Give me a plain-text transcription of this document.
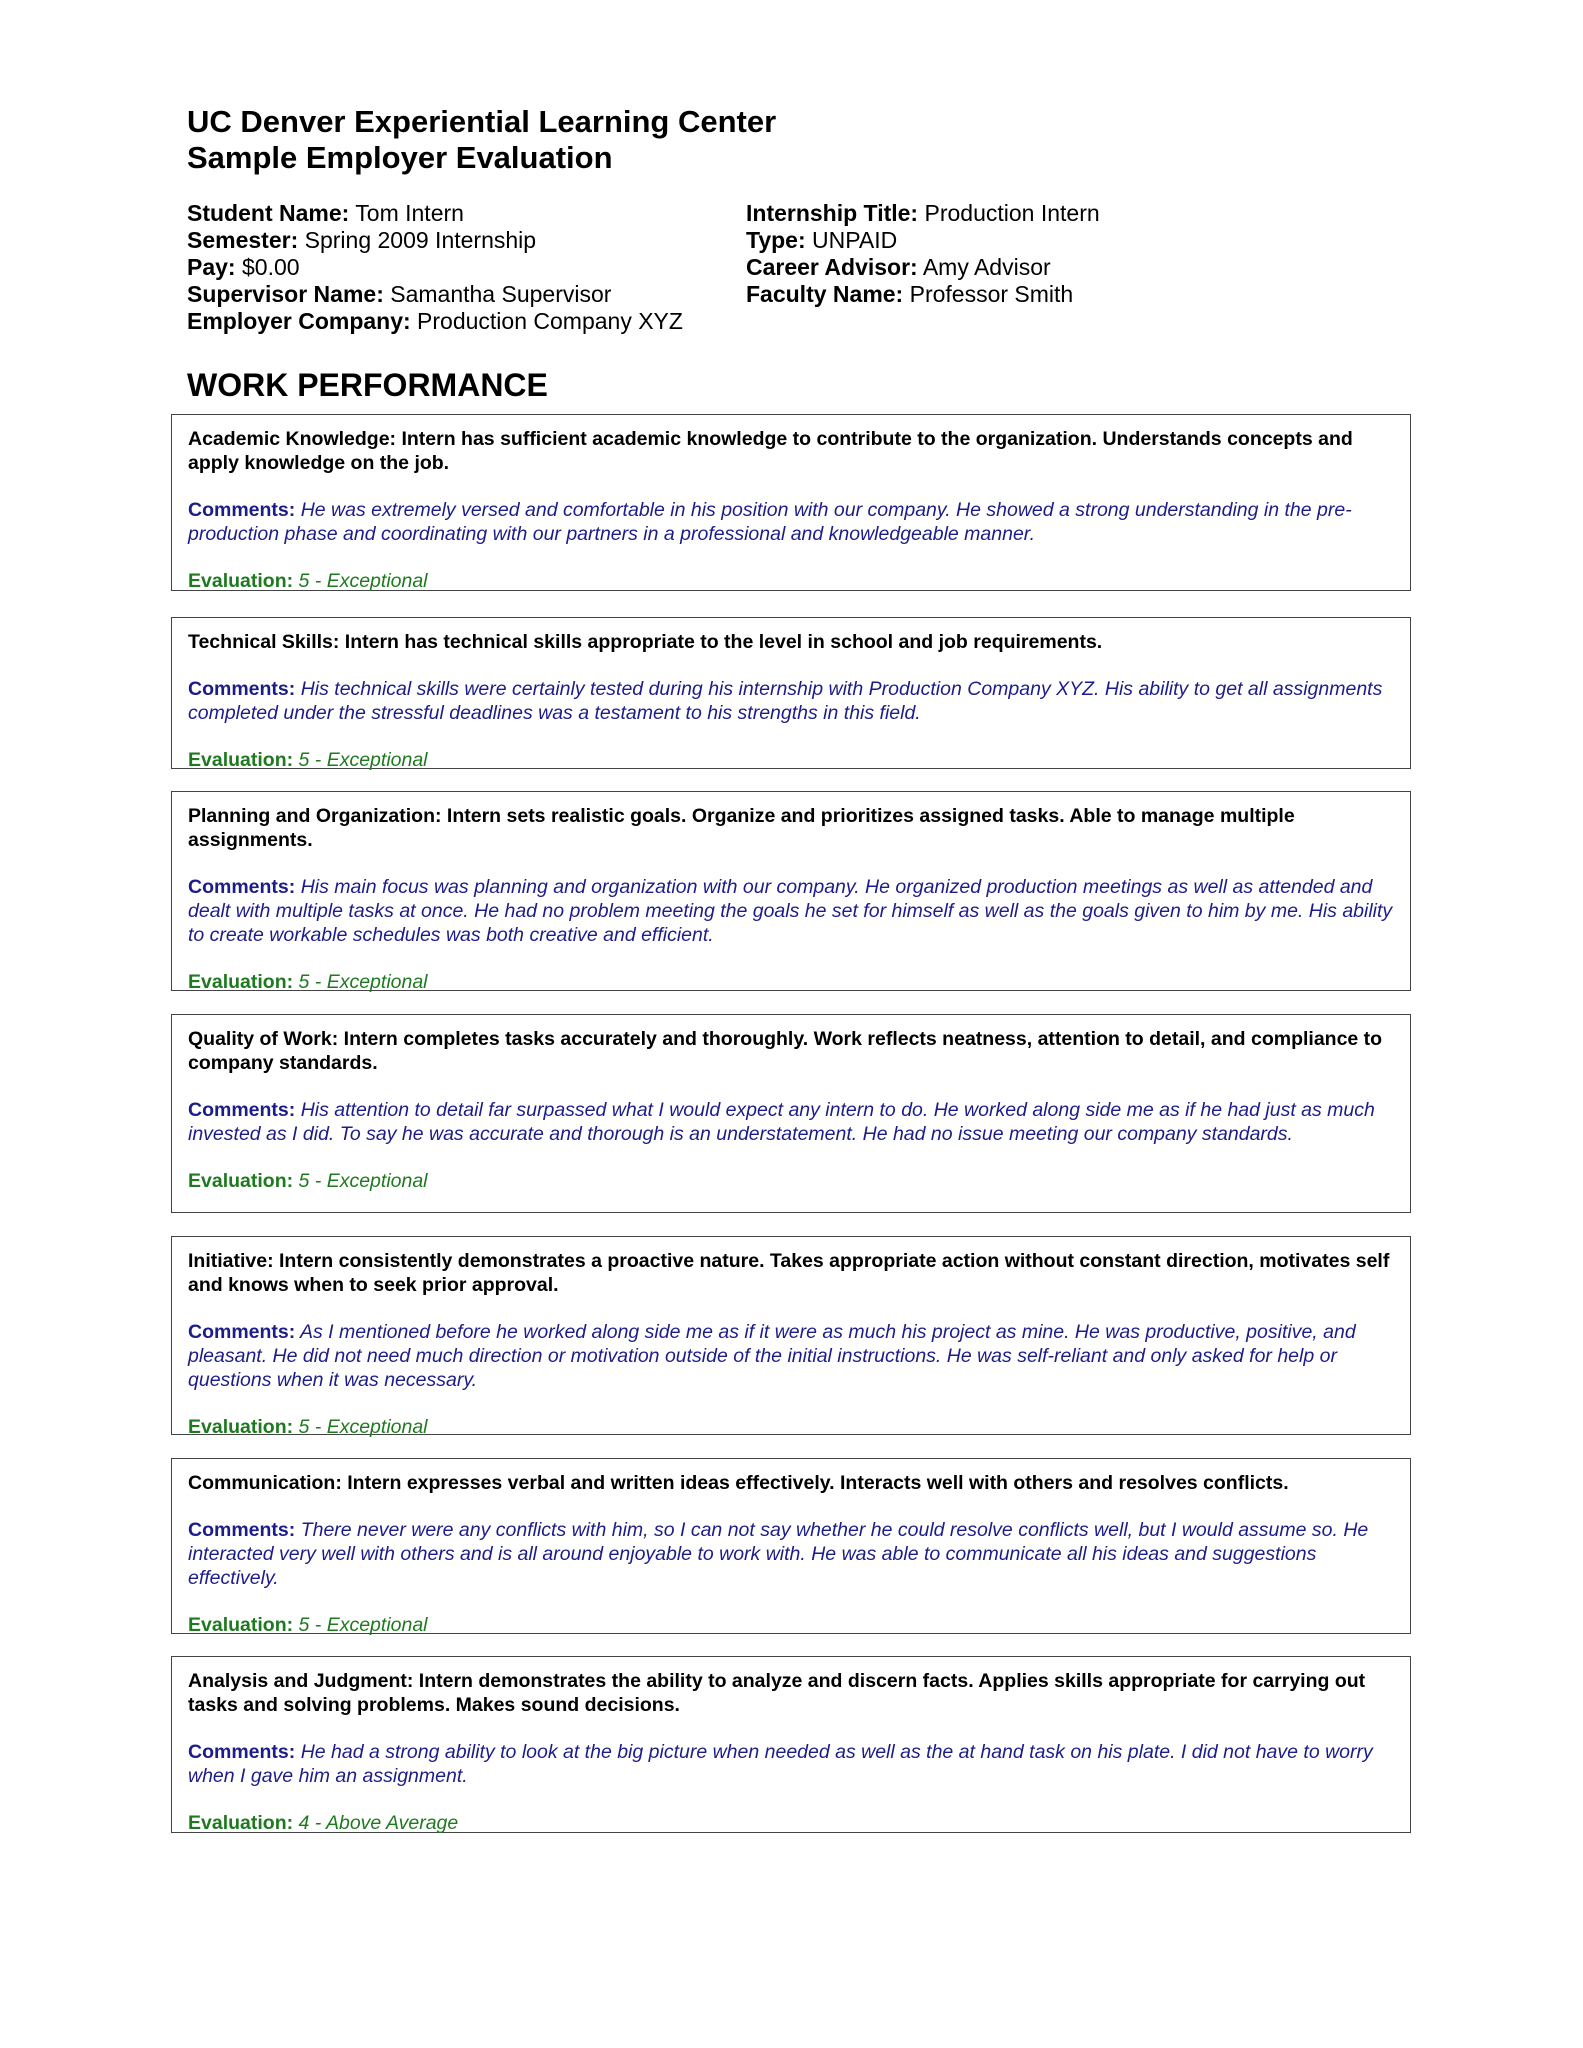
UC Denver Experiential Learning Center
Sample Employer Evaluation
Student Name: Tom Intern
Semester: Spring 2009 Internship
Pay: $0.00
Supervisor Name: Samantha Supervisor
Employer Company: Production Company XYZ
Internship Title: Production Intern
Type: UNPAID
Career Advisor: Amy Advisor
Faculty Name: Professor Smith
WORK PERFORMANCE
Academic Knowledge: Intern has sufficient academic knowledge to contribute to the organization. Understands concepts and apply knowledge on the job.
Comments: He was extremely versed and comfortable in his position with our company. He showed a strong understanding in the pre-production phase and coordinating with our partners in a professional and knowledgeable manner.
Evaluation: 5 - Exceptional
Technical Skills: Intern has technical skills appropriate to the level in school and job requirements.
Comments: His technical skills were certainly tested during his internship with Production Company XYZ. His ability to get all assignments completed under the stressful deadlines was a testament to his strengths in this field.
Evaluation: 5 - Exceptional
Planning and Organization: Intern sets realistic goals. Organize and prioritizes assigned tasks. Able to manage multiple assignments.
Comments: His main focus was planning and organization with our company. He organized production meetings as well as attended and dealt with multiple tasks at once. He had no problem meeting the goals he set for himself as well as the goals given to him by me. His ability to create workable schedules was both creative and efficient.
Evaluation: 5 - Exceptional
Quality of Work: Intern completes tasks accurately and thoroughly. Work reflects neatness, attention to detail, and compliance to company standards.
Comments: His attention to detail far surpassed what I would expect any intern to do. He worked along side me as if he had just as much invested as I did. To say he was accurate and thorough is an understatement. He had no issue meeting our company standards.
Evaluation: 5 - Exceptional
Initiative: Intern consistently demonstrates a proactive nature. Takes appropriate action without constant direction, motivates self and knows when to seek prior approval.
Comments: As I mentioned before he worked along side me as if it were as much his project as mine. He was productive, positive, and pleasant. He did not need much direction or motivation outside of the initial instructions. He was self-reliant and only asked for help or questions when it was necessary.
Evaluation: 5 - Exceptional
Communication: Intern expresses verbal and written ideas effectively. Interacts well with others and resolves conflicts.
Comments: There never were any conflicts with him, so I can not say whether he could resolve conflicts well, but I would assume so. He interacted very well with others and is all around enjoyable to work with. He was able to communicate all his ideas and suggestions effectively.
Evaluation: 5 - Exceptional
Analysis and Judgment: Intern demonstrates the ability to analyze and discern facts. Applies skills appropriate for carrying out tasks and solving problems. Makes sound decisions.
Comments: He had a strong ability to look at the big picture when needed as well as the at hand task on his plate. I did not have to worry when I gave him an assignment.
Evaluation: 4 - Above Average
